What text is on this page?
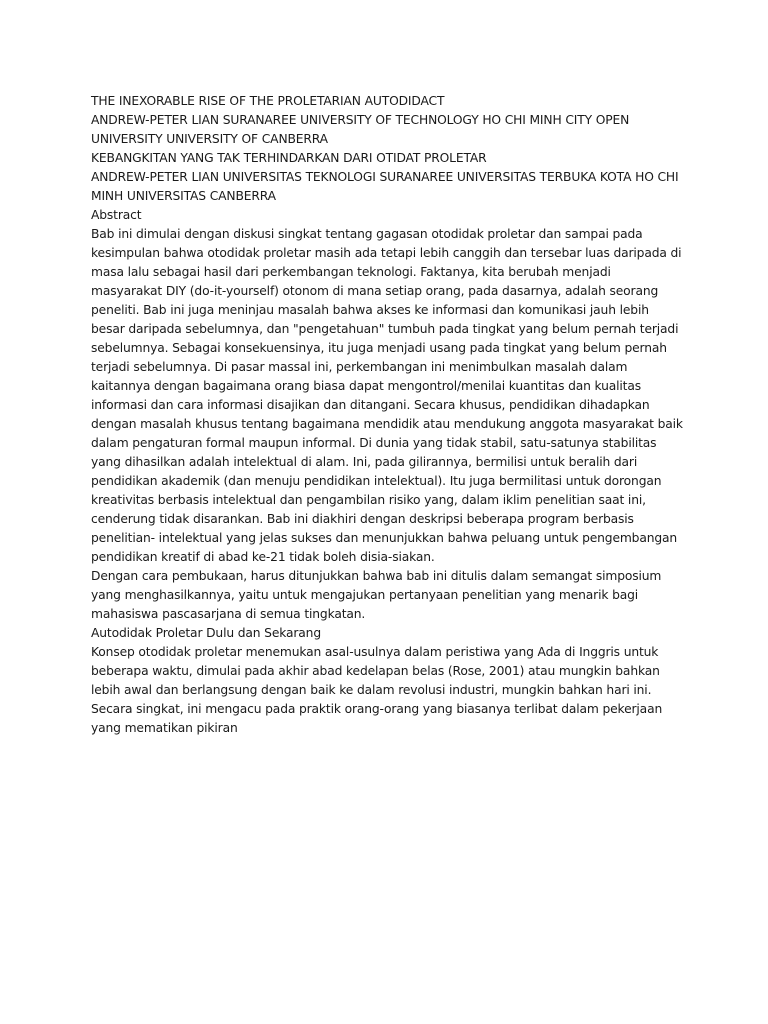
THE INEXORABLE RISE OF THE PROLETARIAN AUTODIDACT

ANDREW-PETER LIAN SURANAREE UNIVERSITY OF TECHNOLOGY HO CHI MINH CITY OPEN UNIVERSITY UNIVERSITY OF CANBERRA

KEBANGKITAN YANG TAK TERHINDARKAN DARI OTIDAT PROLETAR

ANDREW-PETER LIAN UNIVERSITAS TEKNOLOGI SURANAREE UNIVERSITAS TERBUKA KOTA HO CHI MINH UNIVERSITAS CANBERRA

Abstract

Bab ini dimulai dengan diskusi singkat tentang gagasan otodidak proletar dan sampai pada kesimpulan bahwa otodidak proletar masih ada tetapi lebih canggih dan tersebar luas daripada di masa lalu sebagai hasil dari perkembangan teknologi. Faktanya, kita berubah menjadi masyarakat DIY (do-it-yourself) otonom di mana setiap orang, pada dasarnya, adalah seorang peneliti. Bab ini juga meninjau masalah bahwa akses ke informasi dan komunikasi jauh lebih besar daripada sebelumnya, dan "pengetahuan" tumbuh pada tingkat yang belum pernah terjadi sebelumnya. Sebagai konsekuensinya, itu juga menjadi usang pada tingkat yang belum pernah terjadi sebelumnya. Di pasar massal ini, perkembangan ini menimbulkan masalah dalam kaitannya dengan bagaimana orang biasa dapat mengontrol/menilai kuantitas dan kualitas informasi dan cara informasi disajikan dan ditangani. Secara khusus, pendidikan dihadapkan dengan masalah khusus tentang bagaimana mendidik atau mendukung anggota masyarakat baik dalam pengaturan formal maupun informal. Di dunia yang tidak stabil, satu-satunya stabilitas yang dihasilkan adalah intelektual di alam. Ini, pada gilirannya, bermilisi untuk beralih dari pendidikan akademik (dan menuju pendidikan intelektual). Itu juga bermilitasi untuk dorongan kreativitas berbasis intelektual dan pengambilan risiko yang, dalam iklim penelitian saat ini, cenderung tidak disarankan. Bab ini diakhiri dengan deskripsi beberapa program berbasis penelitian- intelektual yang jelas sukses dan menunjukkan bahwa peluang untuk pengembangan pendidikan kreatif di abad ke-21 tidak boleh disia-siakan.

Dengan cara pembukaan, harus ditunjukkan bahwa bab ini ditulis dalam semangat simposium yang menghasilkannya, yaitu untuk mengajukan pertanyaan penelitian yang menarik bagi mahasiswa pascasarjana di semua tingkatan.

Autodidak Proletar Dulu dan Sekarang

Konsep otodidak proletar menemukan asal-usulnya dalam peristiwa yang Ada di Inggris untuk beberapa waktu, dimulai pada akhir abad kedelapan belas (Rose, 2001) atau mungkin bahkan lebih awal dan berlangsung dengan baik ke dalam revolusi industri, mungkin bahkan hari ini. Secara singkat, ini mengacu pada praktik orang-orang yang biasanya terlibat dalam pekerjaan yang mematikan pikiran
